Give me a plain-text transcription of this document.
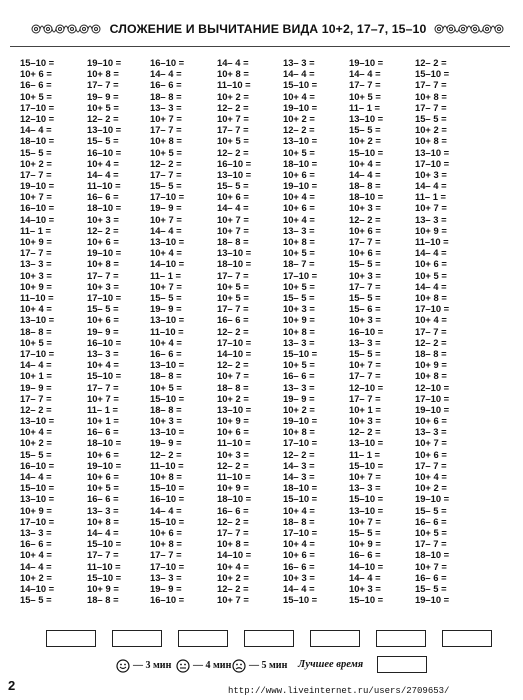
СЛОЖЕНИЕ И ВЫЧИТАНИЕ ВИДА 10+2, 17–7, 15–10
15–10 =
10+ 6 =
16– 6 =
10+ 5 =
17–10 =
12–10 =
14– 4 =
18–10 =
15– 5 =
10+ 2 =
17– 7 =
19–10 =
10+ 7 =
16–10 =
14–10 =
11– 1 =
10+ 9 =
17– 7 =
13– 3 =
10+ 3 =
10+ 9 =
11–10 =
10+ 4 =
13–10 =
18– 8 =
10+ 5 =
17–10 =
14– 4 =
10+ 1 =
19– 9 =
17– 7 =
12– 2 =
13–10 =
10+ 4 =
10+ 2 =
15– 5 =
16–10 =
14– 4 =
15–10 =
13–10 =
10+ 9 =
17–10 =
13– 3 =
16– 6 =
10+ 4 =
14– 4 =
10+ 2 =
14–10 =
15– 5 =
19–10 =
10+ 8 =
17– 7 =
19– 9 =
10+ 5 =
12– 2 =
13–10 =
15– 5 =
16–10 =
10+ 4 =
14– 4 =
11–10 =
16– 6 =
18–10 =
10+ 3 =
12– 2 =
10+ 6 =
19–10 =
10+ 8 =
17– 7 =
10+ 3 =
17–10 =
15– 5 =
10+ 6 =
19– 9 =
16–10 =
13– 3 =
10+ 4 =
15–10 =
17– 7 =
10+ 7 =
11– 1 =
10+ 1 =
16– 6 =
18–10 =
10+ 6 =
19–10 =
10+ 6 =
10+ 5 =
16– 6 =
13– 3 =
10+ 8 =
14– 4 =
15–10 =
17– 7 =
11–10 =
15–10 =
10+ 9 =
18– 8 =
16–10 =
14– 4 =
16– 6 =
18– 8 =
13– 3 =
10+ 7 =
17– 7 =
10+ 8 =
10+ 5 =
12– 2 =
17– 7 =
15– 5 =
17–10 =
19– 9 =
10+ 7 =
14– 4 =
13–10 =
10+ 4 =
14–10 =
11– 1 =
10+ 7 =
15– 5 =
19– 9 =
13–10 =
11–10 =
10+ 4 =
16– 6 =
13–10 =
18– 8 =
10+ 5 =
15–10 =
18– 8 =
10+ 3 =
13–10 =
19– 9 =
12– 2 =
11–10 =
10+ 8 =
15–10 =
16–10 =
14– 4 =
15–10 =
10+ 6 =
10+ 8 =
17– 7 =
17–10 =
13– 3 =
19– 9 =
16–10 =
14– 4 =
10+ 8 =
11–10 =
10+ 2 =
12– 2 =
10+ 7 =
17– 7 =
10+ 5 =
12– 2 =
16–10 =
13–10 =
15– 5 =
10+ 6 =
14– 4 =
10+ 7 =
10+ 7 =
18– 8 =
13–10 =
18–10 =
17– 7 =
10+ 5 =
10+ 5 =
17– 7 =
16– 6 =
12– 2 =
17–10 =
14–10 =
12– 2 =
10+ 7 =
18– 8 =
10+ 2 =
13–10 =
10+ 9 =
10+ 6 =
11–10 =
10+ 3 =
12– 2 =
11–10 =
10+ 9 =
18–10 =
16– 6 =
12– 2 =
17– 7 =
10+ 8 =
14–10 =
10+ 4 =
10+ 2 =
12– 2 =
10+ 7 =
13– 3 =
14– 4 =
15–10 =
10+ 4 =
19–10 =
10+ 2 =
12– 2 =
13–10 =
10+ 5 =
18–10 =
10+ 6 =
19–10 =
10+ 4 =
10+ 6 =
10+ 4 =
13– 3 =
10+ 8 =
10+ 5 =
18– 7 =
17–10 =
10+ 5 =
15– 5 =
10+ 3 =
10+ 9 =
10+ 8 =
13– 3 =
15–10 =
10+ 5 =
16– 6 =
13– 3 =
19– 9 =
10+ 2 =
19–10 =
10+ 8 =
17–10 =
12– 2 =
14– 3 =
14– 3 =
18–10 =
15–10 =
10+ 4 =
18– 8 =
17–10 =
10+ 4 =
10+ 6 =
16– 6 =
10+ 3 =
14– 4 =
15–10 =
19–10 =
14– 4 =
17– 7 =
10+ 5 =
11– 1 =
13–10 =
15– 5 =
10+ 2 =
15–10 =
10+ 4 =
14– 4 =
18– 8 =
18–10 =
10+ 3 =
12– 2 =
10+ 6 =
17– 7 =
10+ 6 =
15– 5 =
10+ 3 =
17– 7 =
15– 5 =
15– 6 =
10+ 3 =
16–10 =
13– 3 =
15– 5 =
10+ 7 =
17– 7 =
12–10 =
17– 7 =
10+ 1 =
10+ 3 =
12– 2 =
13–10 =
11– 1 =
15–10 =
10+ 7 =
13– 3 =
15–10 =
13–10 =
10+ 7 =
15– 5 =
10+ 9 =
16– 6 =
14–10 =
14– 4 =
10+ 3 =
15–10 =
12– 2 =
15–10 =
17– 7 =
10+ 8 =
17– 7 =
15– 5 =
10+ 2 =
10+ 8 =
13–10 =
17–10 =
10+ 3 =
14– 4 =
11– 1 =
10+ 7 =
13– 3 =
10+ 9 =
11–10 =
14– 4 =
10+ 6 =
10+ 5 =
14– 4 =
10+ 8 =
17–10 =
10+ 4 =
17– 7 =
12– 2 =
18– 8 =
10+ 9 =
10+ 8 =
12–10 =
17–10 =
19–10 =
10+ 6 =
13– 3 =
10+ 7 =
10+ 6 =
17– 7 =
10+ 4 =
10+ 2 =
19–10 =
15– 5 =
16– 6 =
10+ 5 =
17– 7 =
18–10 =
10+ 7 =
16– 6 =
15– 5 =
19–10 =
— 3 мин — 4 мин — 5 мин Лучшее время
2	http://www.liveinternet.ru/users/2709653/
